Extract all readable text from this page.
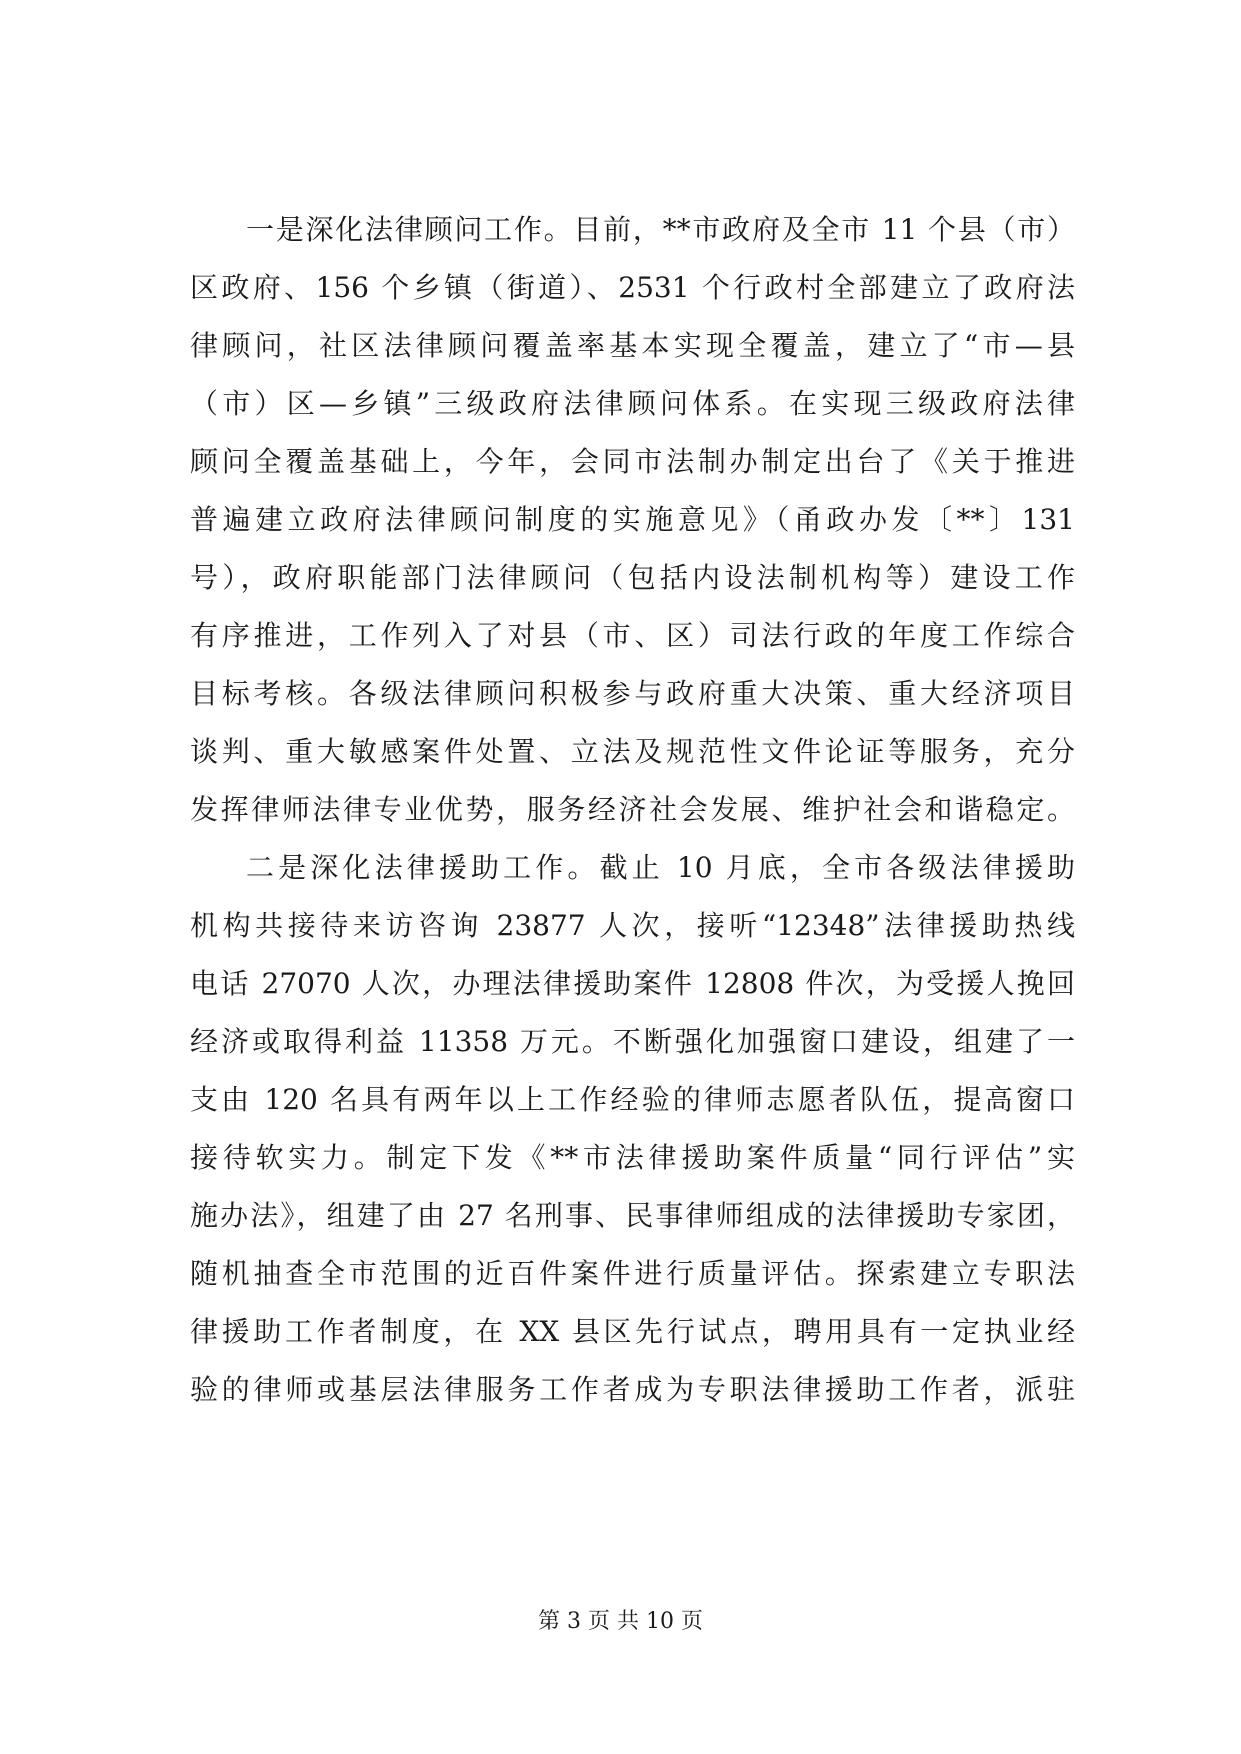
一是深化法律顾问工作。目前，**市政府及全市 11 个县（市）
区政府、156 个乡镇（街道）、2531 个行政村全部建立了政府法
律顾问，社区法律顾问覆盖率基本实现全覆盖，建立了“市—县
（市）区—乡镇”三级政府法律顾问体系。在实现三级政府法律
顾问全覆盖基础上，今年，会同市法制办制定出台了《关于推进
普遍建立政府法律顾问制度的实施意见》（甬政办发〔**〕131
号），政府职能部门法律顾问（包括内设法制机构等）建设工作
有序推进，工作列入了对县（市、区）司法行政的年度工作综合
目标考核。各级法律顾问积极参与政府重大决策、重大经济项目
谈判、重大敏感案件处置、立法及规范性文件论证等服务，充分
发挥律师法律专业优势，服务经济社会发展、维护社会和谐稳定。
二是深化法律援助工作。截止 10 月底，全市各级法律援助
机构共接待来访咨询 23877 人次，接听“12348”法律援助热线
电话 27070 人次，办理法律援助案件 12808 件次，为受援人挽回
经济或取得利益 11358 万元。不断强化加强窗口建设，组建了一
支由 120 名具有两年以上工作经验的律师志愿者队伍，提高窗口
接待软实力。制定下发《**市法律援助案件质量“同行评估”实
施办法》，组建了由 27 名刑事、民事律师组成的法律援助专家团，
随机抽查全市范围的近百件案件进行质量评估。探索建立专职法
律援助工作者制度，在 XX 县区先行试点，聘用具有一定执业经
验的律师或基层法律服务工作者成为专职法律援助工作者，派驻
第 3 页 共 10 页
